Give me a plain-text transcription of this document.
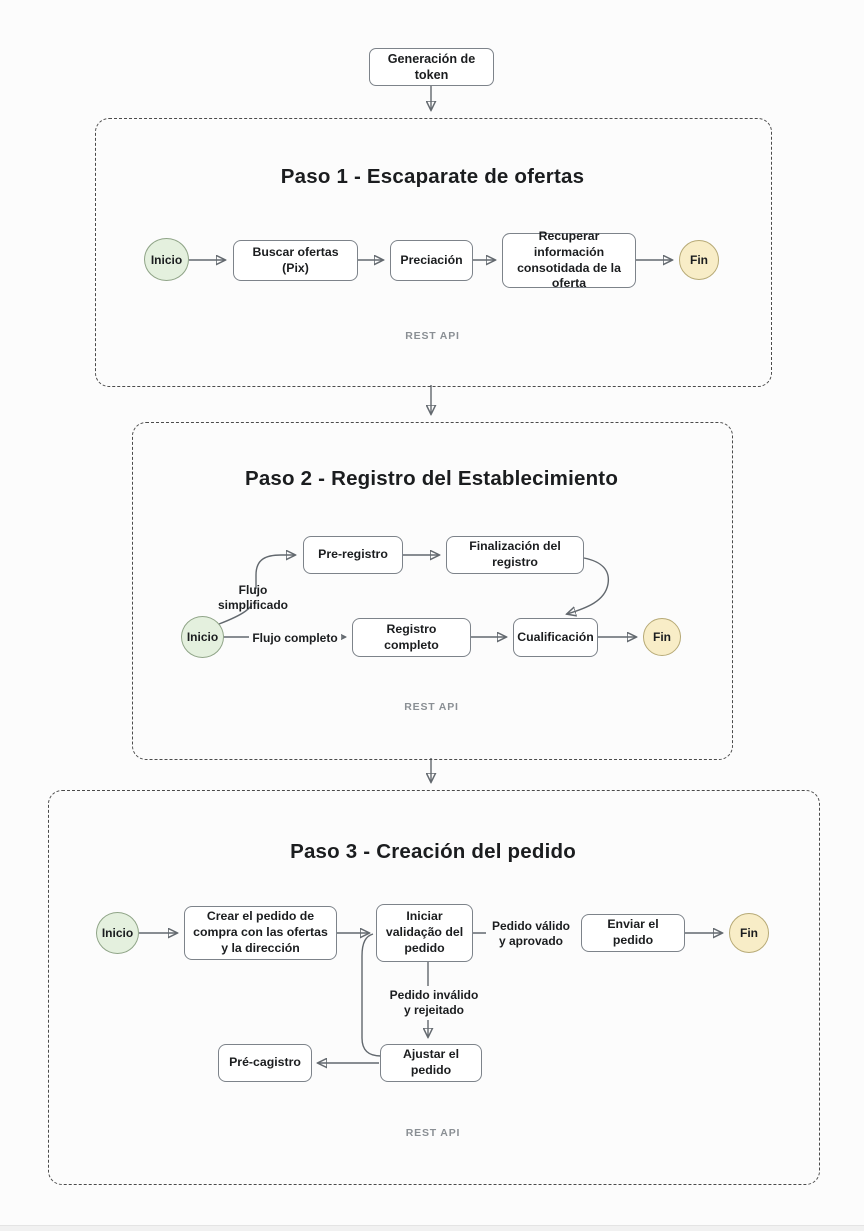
Generación de token
Paso 1 - Escaparate de ofertas
Inicio
Buscar ofertas (Pix)
Preciación
Recuperar información consotidada de la oferta
Fin
REST API
Paso 2 - Registro del Establecimiento
Pre-registro
Finalización del registro
Flujo simplificado
Inicio	Flujo completo
Registro completo
Cualificación	Fin
REST API
Paso 3 - Creación del pedido
Inicio
Crear el pedido de compra con las ofertas y la dirección
Iniciar validação del pedido
Pedido válido y aprovado
Enviar el pedido	Fin
Pedido inválido y rejeitado
Pré-cagistro
Ajustar el pedido
REST API
